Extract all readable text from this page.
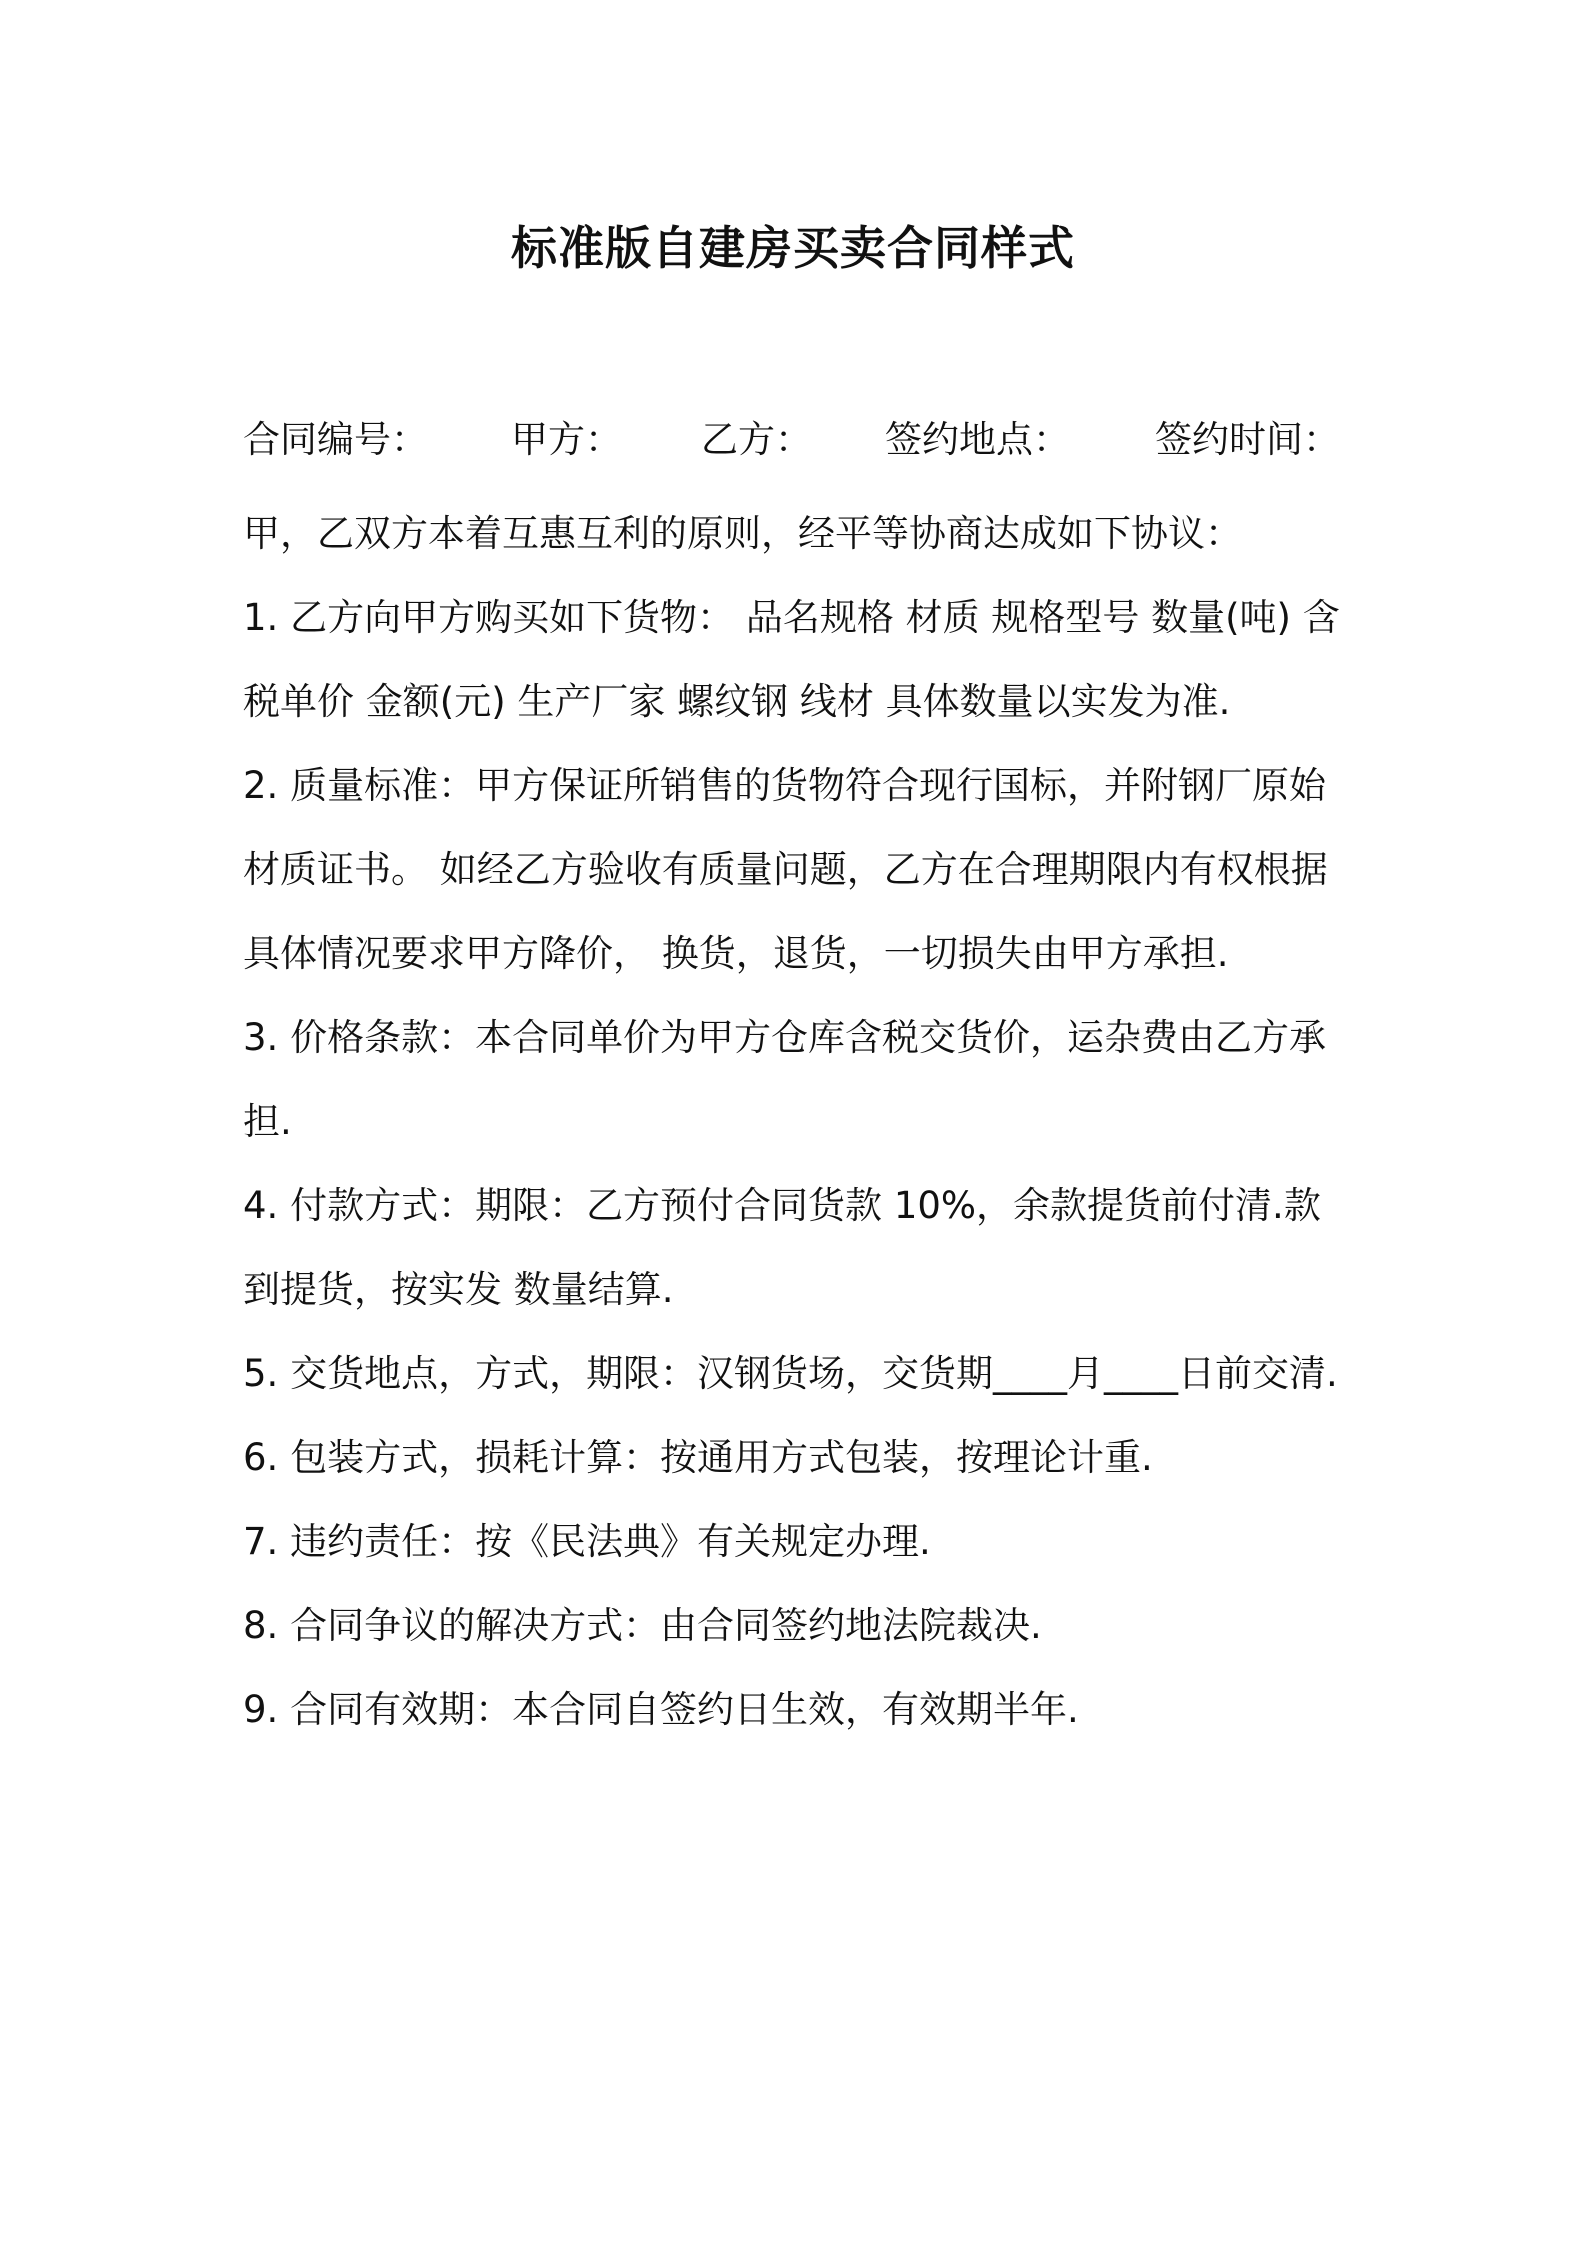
标准版自建房买卖合同样式
合同编号： 甲方： 乙方： 签约地点： 签约时间：

甲，乙双方本着互惠互利的原则，经平等协商达成如下协议：

1. 乙方向甲方购买如下货物： 品名规格 材质 规格型号 数量(吨) 含税单价 金额(元) 生产厂家 螺纹钢 线材 具体数量以实发为准.

2. 质量标准：甲方保证所销售的货物符合现行国标，并附钢厂原始材质证书。 如经乙方验收有质量问题，乙方在合理期限内有权根据具体情况要求甲方降价， 换货，退货，一切损失由甲方承担.

3. 价格条款：本合同单价为甲方仓库含税交货价，运杂费由乙方承担.

4. 付款方式：期限：乙方预付合同货款 10%，余款提货前付清.款到提货，按实发 数量结算.

5. 交货地点，方式，期限：汉钢货场，交货期____月____日前交清.

6. 包装方式，损耗计算：按通用方式包装，按理论计重.

7. 违约责任：按《民法典》有关规定办理.

8. 合同争议的解决方式：由合同签约地法院裁决.

9. 合同有效期：本合同自签约日生效，有效期半年.
